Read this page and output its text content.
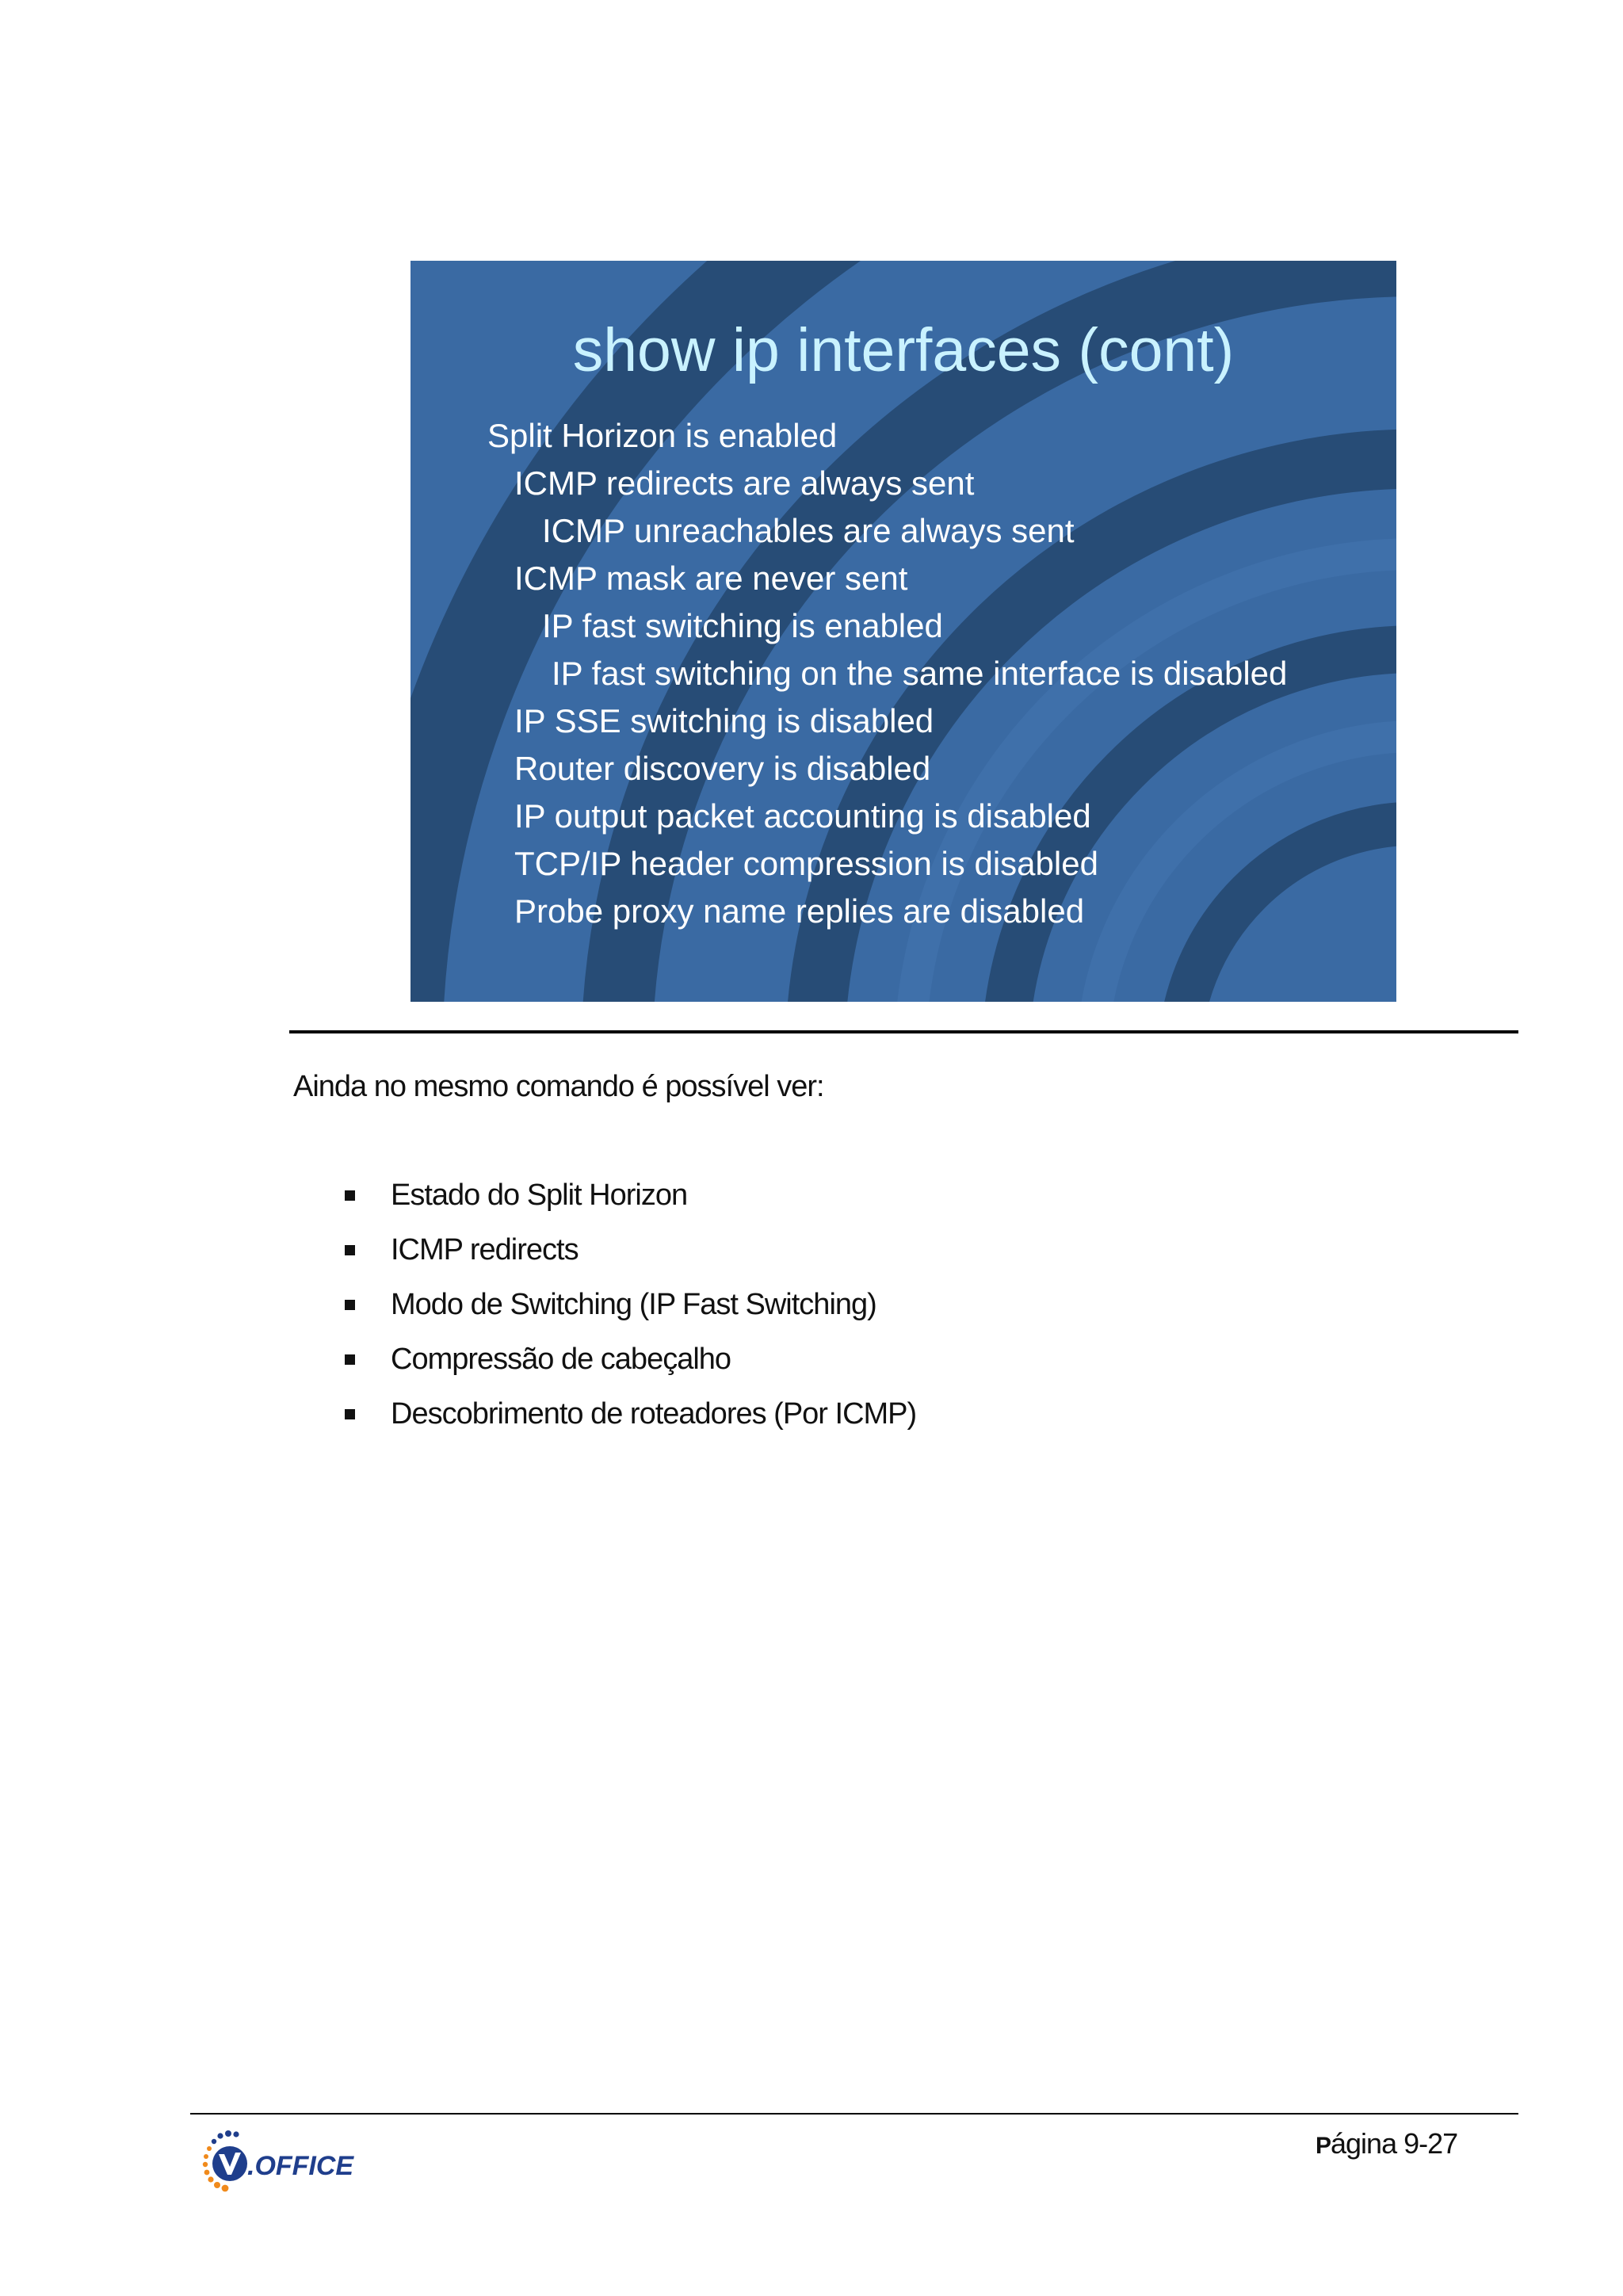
show ip interfaces (cont)
Split Horizon is enabled
ICMP redirects are always sent
ICMP unreachables are always sent
ICMP mask are never sent
IP fast switching is enabled
IP fast switching on the same interface is disabled
IP SSE switching is disabled
Router discovery is disabled
IP output packet accounting is disabled
TCP/IP header compression is disabled
Probe proxy name replies are disabled
Ainda no mesmo comando é possível ver:
Estado do Split Horizon
ICMP redirects
Modo de Switching (IP Fast Switching)
Compressão de cabeçalho
Descobrimento de roteadores (Por ICMP)
.OFFICE
Página 9-27
